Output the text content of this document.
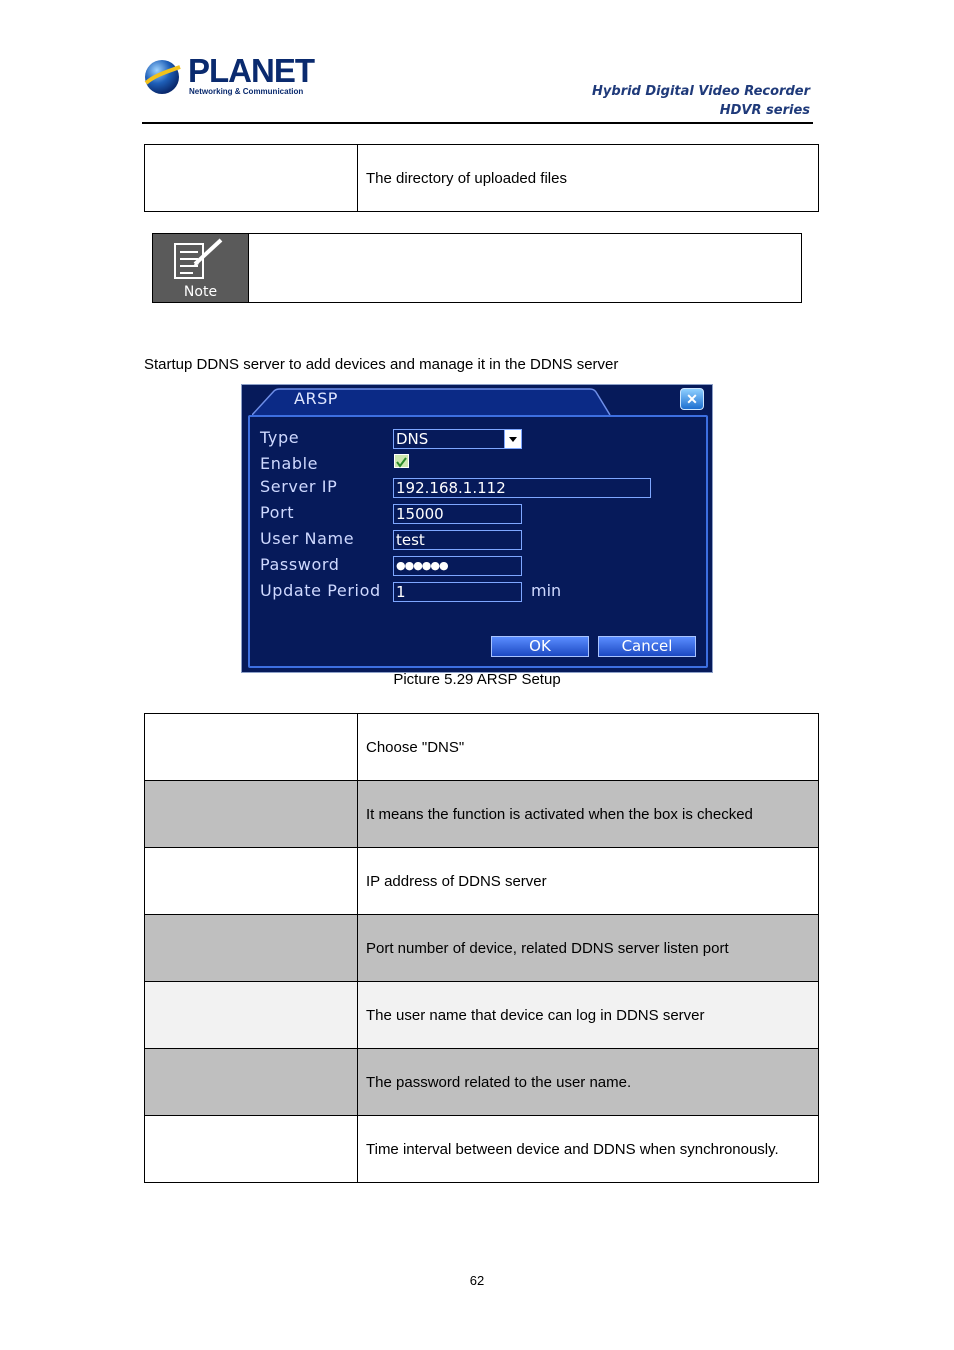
PLANET
Networking & Communication	Hybrid Digital Video Recorder
HDVR series
	The directory of uploaded files
Note
Startup DDNS server to add devices and manage it in the DDNS server
ARSP	✕
Type	DNS
Enable
Server IP	192.168.1.112
Port	15000
User Name	test
Password	●●●●●●
Update Period 1	min
OK	Cancel
Picture 5.29 ARSP Setup
	Choose "DNS"
	It means the function is activated when the box is checked
	IP address of DDNS server
	Port number of device, related DDNS server listen port
	The user name that device can log in DDNS server
	The password related to the user name.
	Time interval between device and DDNS when synchronously.
62
